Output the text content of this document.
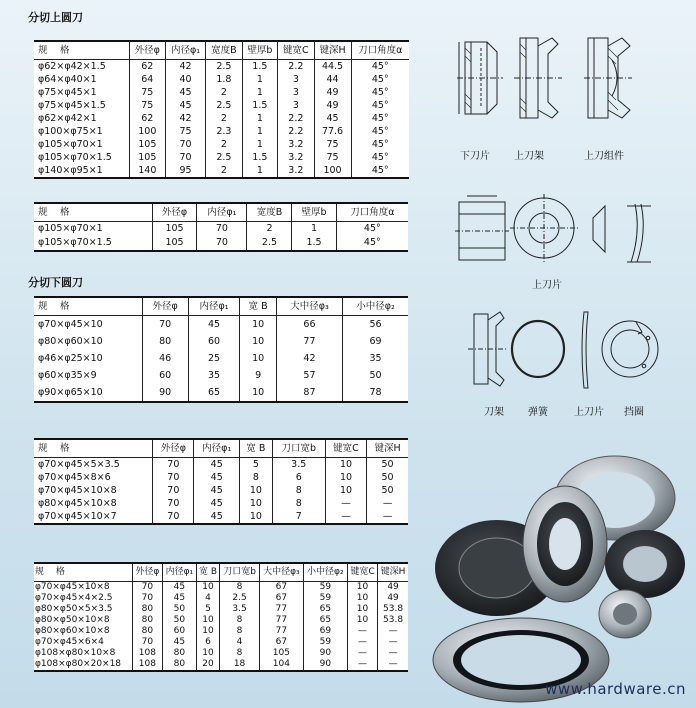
分切上圆刀
规　 格	外径φ	内径φ₁	宽度B	壁厚b	键宽C	键深H	刀口角度α
φ62×φ42×1.5	62	42	2.5	1.5	2.2	44.5	45°
φ64×φ40×1	64	40	1.8	1	3	44	45°
φ75×φ45×1	75	45	2	1	3	49	45°
φ75×φ45×1.5	75	45	2.5	1.5	3	49	45°
φ62×φ42×1	62	42	2	1	2.2	45	45°
φ100×φ75×1	100	75	2.3	1	2.2	77.6	45°
φ105×φ70×1	105	70	2	1	3.2	75	45°
φ105×φ70×1.5	105	70	2.5	1.5	3.2	75	45°
φ140×φ95×1	140	95	2	1	3.2	100	45°
规　 格	外径φ	内径φ₁	宽度B	壁厚b	刀口角度α
φ105×φ70×1	105	70	2	1	45°
φ105×φ70×1.5	105	70	2.5	1.5	45°
分切下圆刀
规　 格	外径φ	内径φ₁	宽 B	大中径φ₃	小中径φ₂
φ70×φ45×10	70	45	10	66	56
φ80×φ60×10	80	60	10	77	69
φ46×φ25×10	46	25	10	42	35
φ60×φ35×9	60	35	9	57	50
φ90×φ65×10	90	65	10	87	78
规　 格	外径φ	内径φ₁	宽 B	刀口宽b	键宽C	键深H
φ70×φ45×5×3.5	70	45	5	3.5	10	50
φ70×φ45×8×6	70	45	8	6	10	50
φ70×φ45×10×8	70	45	10	8	10	50
φ80×φ45×10×8	70	45	10	8	—	—
φ70×φ45×10×7	70	45	10	7	—	—
规　 格	外径φ	内径φ₁	宽 B	刀口宽b	大中径φ₃	小中径φ₂	键宽C	键深H
φ70×φ45×10×8	70	45	10	8	67	59	10	49
φ70×φ45×4×2.5	70	45	4	2.5	67	59	10	49
φ80×φ50×5×3.5	80	50	5	3.5	77	65	10	53.8
φ80×φ50×10×8	80	50	10	8	77	65	10	53.8
φ80×φ60×10×8	80	60	10	8	77	69	—	—
φ70×φ45×6×4	70	45	6	4	67	59	—	—
φ108×φ80×10×8	108	80	10	8	105	90	—	—
φ108×φ80×20×18	108	80	20	18	104	90	—	—
下刀片 上刀架	上刀组件
上刀片
刀架 弹簧	上刀片 挡圈
www.hardware.cn
